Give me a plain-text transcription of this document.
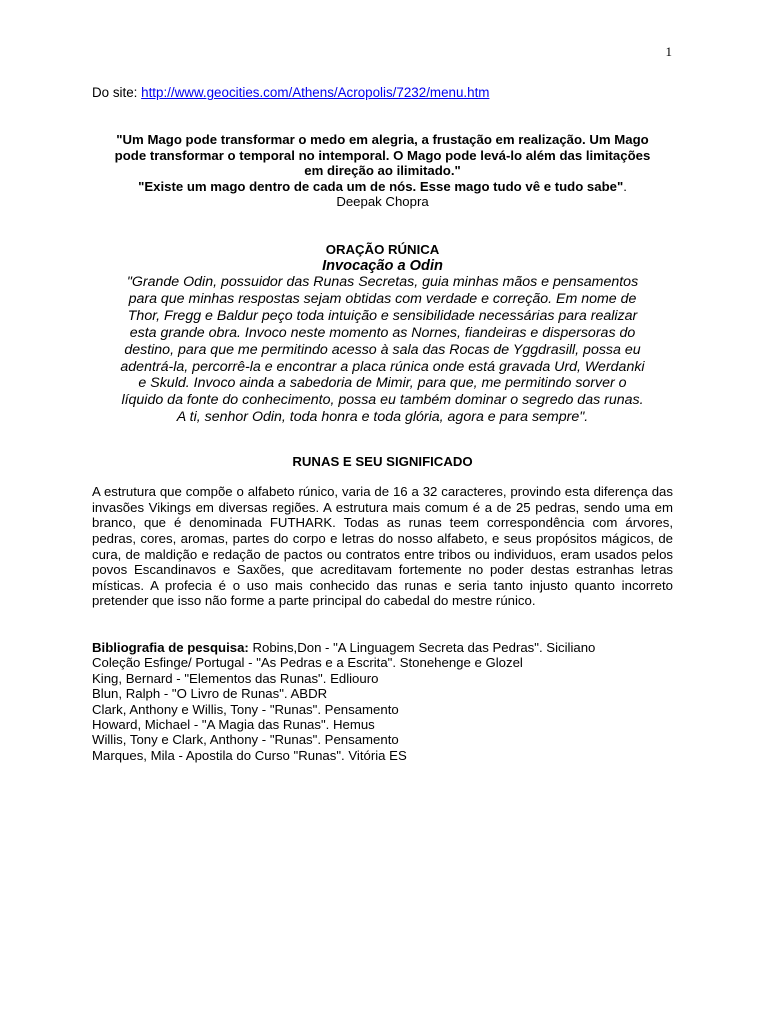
1
Do site: http://www.geocities.com/Athens/Acropolis/7232/menu.htm
"Um Mago pode transformar o medo em alegria, a frustação em realização. Um Mago
pode transformar o temporal no intemporal. O Mago pode levá-lo além das limitações
em direção ao ilimitado."
"Existe um mago dentro de cada um de nós. Esse mago tudo vê e tudo sabe".
Deepak Chopra
ORAÇÃO RÚNICA
Invocação a Odin
"Grande Odin, possuidor das Runas Secretas, guia minhas mãos e pensamentos
para que minhas respostas sejam obtidas com verdade e correção. Em nome de
Thor, Fregg e Baldur peço toda intuição e sensibilidade necessárias para realizar
esta grande obra. Invoco neste momento as Nornes, fiandeiras e dispersoras do
destino, para que me permitindo acesso à sala das Rocas de Yggdrasill, possa eu
adentrá-la, percorrê-la e encontrar a placa rúnica onde está gravada Urd, Werdanki
e Skuld. Invoco ainda a sabedoria de Mimir, para que, me permitindo sorver o
líquido da fonte do conhecimento, possa eu também dominar o segredo das runas.
A ti, senhor Odin, toda honra e toda glória, agora e para sempre".
RUNAS E SEU SIGNIFICADO
A estrutura que compõe o alfabeto rúnico, varia de 16 a 32 caracteres, provindo esta diferença das invasões Vikings em diversas regiões. A estrutura mais comum é a de 25 pedras, sendo uma em branco, que é denominada FUTHARK. Todas as runas teem correspondência com árvores, pedras, cores, aromas, partes do corpo e letras do nosso alfabeto, e seus propósitos mágicos, de cura, de maldição e redação de pactos ou contratos entre tribos ou individuos, eram usados pelos povos Escandinavos e Saxões, que acreditavam fortemente no poder destas estranhas letras místicas. A profecia é o uso mais conhecido das runas e seria tanto injusto quanto incorreto pretender que isso não forme a parte principal do cabedal do mestre rúnico.
Bibliografia de pesquisa: Robins,Don - "A Linguagem Secreta das Pedras". Siciliano
Coleção Esfinge/ Portugal - "As Pedras e a Escrita". Stonehenge e Glozel
King, Bernard - "Elementos das Runas". Edliouro
Blun, Ralph - "O Livro de Runas". ABDR
Clark, Anthony e Willis, Tony - "Runas". Pensamento
Howard, Michael - "A Magia das Runas". Hemus
Willis, Tony e Clark, Anthony - "Runas". Pensamento
Marques, Mila - Apostila do Curso "Runas". Vitória ES
